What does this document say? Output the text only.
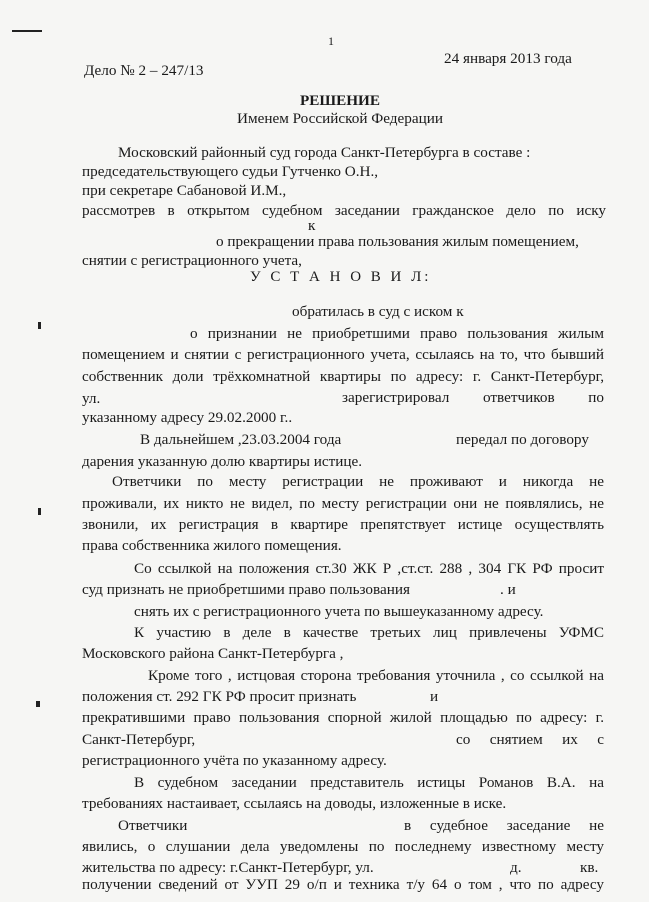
1
Дело № 2 – 247/13
24 января 2013 года
РЕШЕНИЕ
Именем Российской Федерации
Московский районный суд города Санкт-Петербурга в составе :
председательствующего судьи Гутченко О.Н.,
при секретаре Сабановой И.М.,
рассмотрев в открытом судебном заседании гражданское дело по иску
к
о прекращении права пользования жилым помещением,
снятии с регистрационного учета,
У С Т А Н О В И Л:
обратилась в суд с иском к
о признании не приобретшими право пользования жилым
помещением и снятии с регистрационного учета, ссылаясь на то, что бывший
собственник доли трёхкомнатной квартиры по адресу: г. Санкт-Петербург,
ул.	зарегистрировал ответчиков по
указанному адресу 29.02.2000 г..
В дальнейшем ,23.03.2004 года	передал по договору
дарения указанную долю квартиры истице.
Ответчики по месту регистрации не проживают и никогда не
проживали, их никто не видел, по месту регистрации они не появлялись, не
звонили, их регистрация в квартире препятствует истице осуществлять
права собственника жилого помещения.
Со ссылкой на положения ст.30 ЖК Р ,ст.ст. 288 , 304 ГК РФ просит
суд признать не приобретшими право пользования	. и
снять их с регистрационного учета по вышеуказанному адресу.
К участию в деле в качестве третьих лиц привлечены УФМС
Московского района Санкт-Петербурга ,
Кроме того , истцовая сторона требования уточнила , со ссылкой на
положения ст. 292 ГК РФ просит признать	и
прекратившими право пользования спорной жилой площадью по адресу: г.
Санкт-Петербург,	со снятием их с
регистрационного учёта по указанному адресу.
В судебном заседании представитель истицы Романов В.А. на
требованиях настаивает, ссылаясь на доводы, изложенные в иске.
Ответчики	в судебное заседание не
явились, о слушании дела уведомлены по последнему известному месту
жительства по адресу: г.Санкт-Петербург, ул.	д.	кв.
получении сведений от УУП 29 о/п и техника т/у 64 о том , что по адресу
